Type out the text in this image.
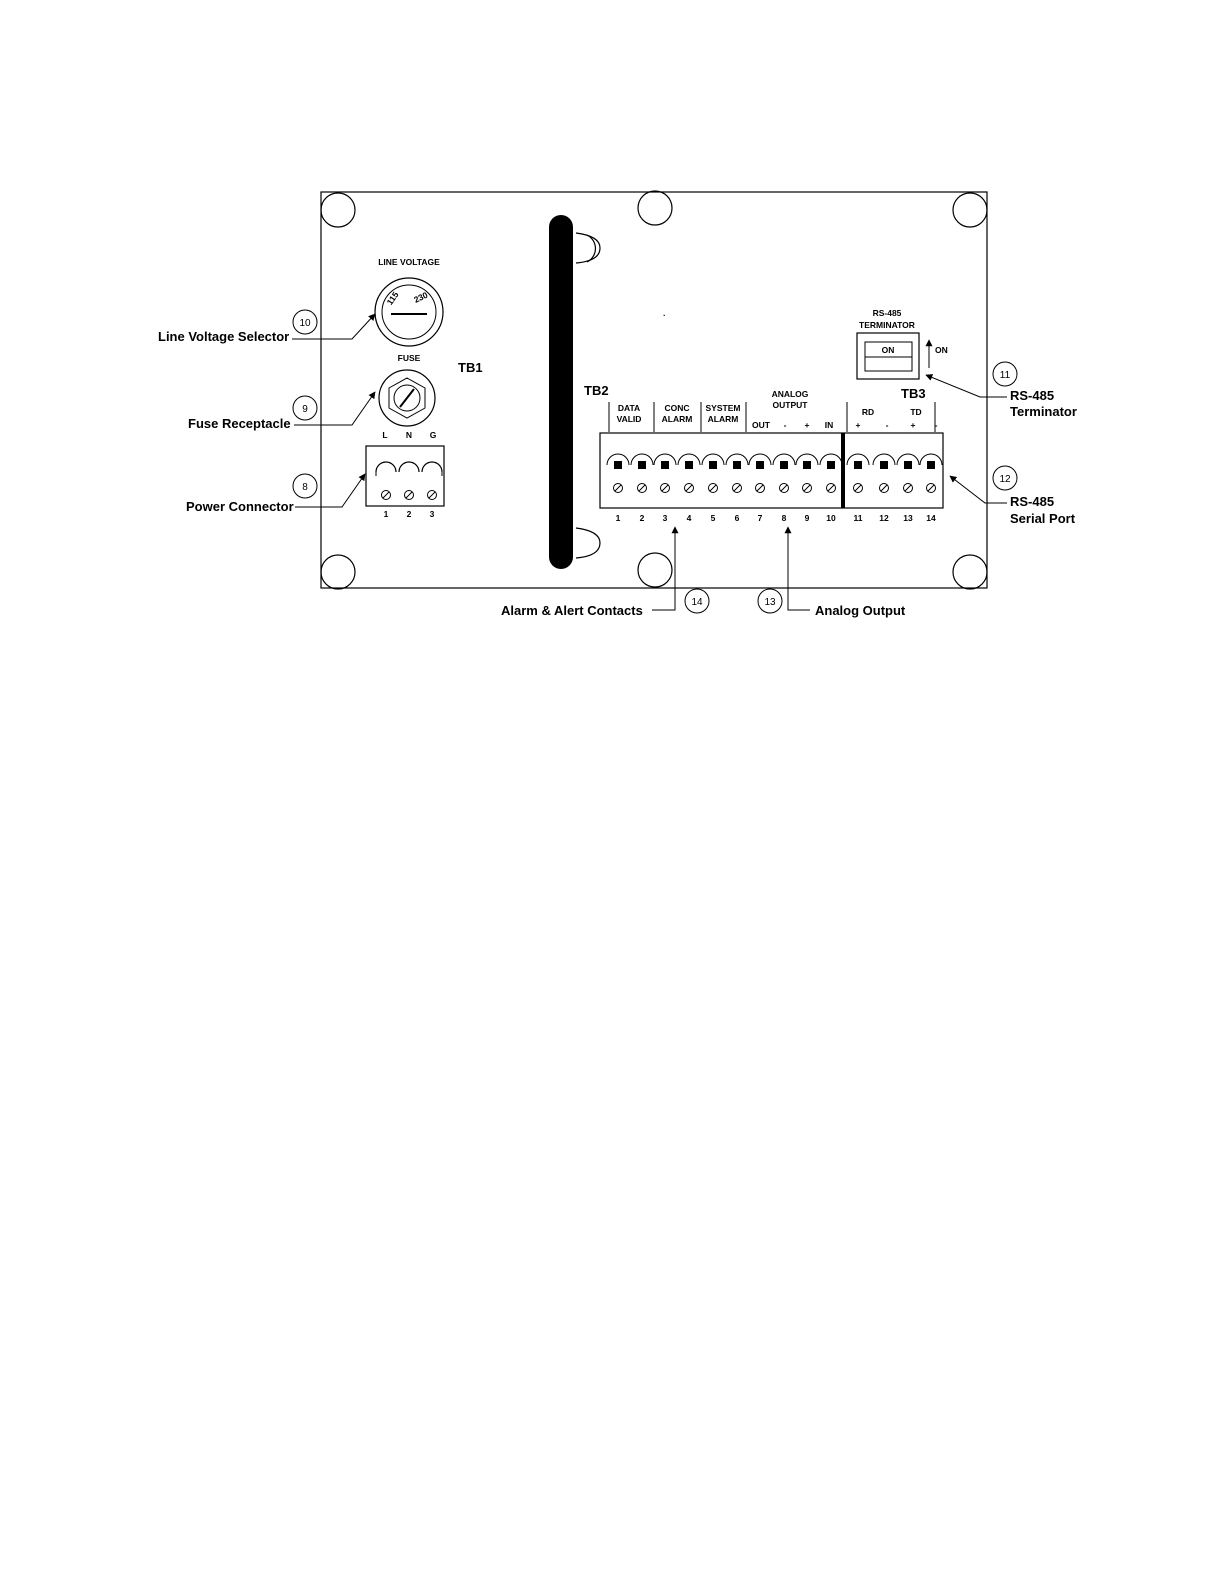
LINE VOLTAGE
115 230
FUSE
TB1
L N G
1 2 3
RS-485
TERMINATOR
ON	ON
TB2	TB3
DATA
VALID
CONC
ALARM
SYSTEM
ALARM
ANALOG
OUTPUT
OUT - + IN
RD	TD
+	-	+ -
1 2 3 4 5 6 7 8 9 10 11 12 13 14
10
Line Voltage Selector
9
Fuse Receptacle
8
Power Connector
11
RS-485
Terminator
12
RS-485
Serial Port
14
Alarm & Alert Contacts
13
Analog Output
·
